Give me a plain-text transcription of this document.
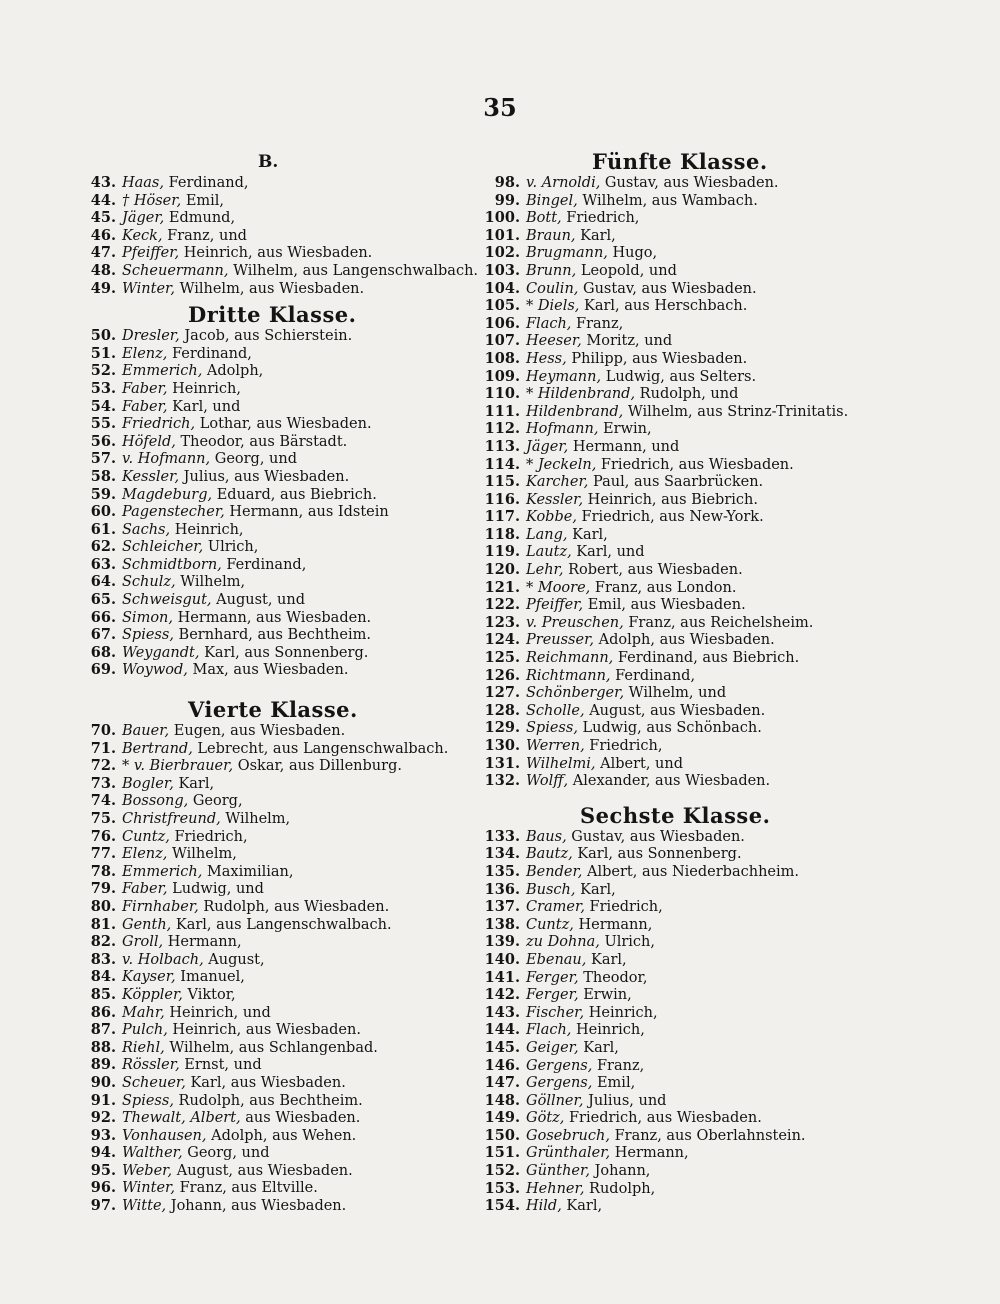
35
B.
43. Haas, Ferdinand,
44. † Höser, Emil,
45. Jäger, Edmund,
46. Keck, Franz, und
47. Pfeiffer, Heinrich, aus Wiesbaden.
48. Scheuermann, Wilhelm, aus Langenschwalbach.
49. Winter, Wilhelm, aus Wiesbaden.
Dritte Klasse.
50. Dresler, Jacob, aus Schierstein.
51. Elenz, Ferdinand,
52. Emmerich, Adolph,
53. Faber, Heinrich,
54. Faber, Karl, und
55. Friedrich, Lothar, aus Wiesbaden.
56. Höfeld, Theodor, aus Bärstadt.
57. v. Hofmann, Georg, und
58. Kessler, Julius, aus Wiesbaden.
59. Magdeburg, Eduard, aus Biebrich.
60. Pagenstecher, Hermann, aus Idstein
61. Sachs, Heinrich,
62. Schleicher, Ulrich,
63. Schmidtborn, Ferdinand,
64. Schulz, Wilhelm,
65. Schweisgut, August, und
66. Simon, Hermann, aus Wiesbaden.
67. Spiess, Bernhard, aus Bechtheim.
68. Weygandt, Karl, aus Sonnenberg.
69. Woywod, Max, aus Wiesbaden.
Vierte Klasse.
70. Bauer, Eugen, aus Wiesbaden.
71. Bertrand, Lebrecht, aus Langenschwalbach.
72. * v. Bierbrauer, Oskar, aus Dillenburg.
73. Bogler, Karl,
74. Bossong, Georg,
75. Christfreund, Wilhelm,
76. Cuntz, Friedrich,
77. Elenz, Wilhelm,
78. Emmerich, Maximilian,
79. Faber, Ludwig, und
80. Firnhaber, Rudolph, aus Wiesbaden.
81. Genth, Karl, aus Langenschwalbach.
82. Groll, Hermann,
83. v. Holbach, August,
84. Kayser, Imanuel,
85. Köppler, Viktor,
86. Mahr, Heinrich, und
87. Pulch, Heinrich, aus Wiesbaden.
88. Riehl, Wilhelm, aus Schlangenbad.
89. Rössler, Ernst, und
90. Scheuer, Karl, aus Wiesbaden.
91. Spiess, Rudolph, aus Bechtheim.
92. Thewalt, Albert, aus Wiesbaden.
93. Vonhausen, Adolph, aus Wehen.
94. Walther, Georg, und
95. Weber, August, aus Wiesbaden.
96. Winter, Franz, aus Eltville.
97. Witte, Johann, aus Wiesbaden.
Fünfte Klasse.
98. v. Arnoldi, Gustav, aus Wiesbaden.
99. Bingel, Wilhelm, aus Wambach.
100. Bott, Friedrich,
101. Braun, Karl,
102. Brugmann, Hugo,
103. Brunn, Leopold, und
104. Coulin, Gustav, aus Wiesbaden.
105. * Diels, Karl, aus Herschbach.
106. Flach, Franz,
107. Heeser, Moritz, und
108. Hess, Philipp, aus Wiesbaden.
109. Heymann, Ludwig, aus Selters.
110. * Hildenbrand, Rudolph, und
111. Hildenbrand, Wilhelm, aus Strinz-Trinitatis.
112. Hofmann, Erwin,
113. Jäger, Hermann, und
114. * Jeckeln, Friedrich, aus Wiesbaden.
115. Karcher, Paul, aus Saarbrücken.
116. Kessler, Heinrich, aus Biebrich.
117. Kobbe, Friedrich, aus New-York.
118. Lang, Karl,
119. Lautz, Karl, und
120. Lehr, Robert, aus Wiesbaden.
121. * Moore, Franz, aus London.
122. Pfeiffer, Emil, aus Wiesbaden.
123. v. Preuschen, Franz, aus Reichelsheim.
124. Preusser, Adolph, aus Wiesbaden.
125. Reichmann, Ferdinand, aus Biebrich.
126. Richtmann, Ferdinand,
127. Schönberger, Wilhelm, und
128. Scholle, August, aus Wiesbaden.
129. Spiess, Ludwig, aus Schönbach.
130. Werren, Friedrich,
131. Wilhelmi, Albert, und
132. Wolff, Alexander, aus Wiesbaden.
Sechste Klasse.
133. Baus, Gustav, aus Wiesbaden.
134. Bautz, Karl, aus Sonnenberg.
135. Bender, Albert, aus Niederbachheim.
136. Busch, Karl,
137. Cramer, Friedrich,
138. Cuntz, Hermann,
139. zu Dohna, Ulrich,
140. Ebenau, Karl,
141. Ferger, Theodor,
142. Ferger, Erwin,
143. Fischer, Heinrich,
144. Flach, Heinrich,
145. Geiger, Karl,
146. Gergens, Franz,
147. Gergens, Emil,
148. Göllner, Julius, und
149. Götz, Friedrich, aus Wiesbaden.
150. Gosebruch, Franz, aus Oberlahnstein.
151. Grünthaler, Hermann,
152. Günther, Johann,
153. Hehner, Rudolph,
154. Hild, Karl,
